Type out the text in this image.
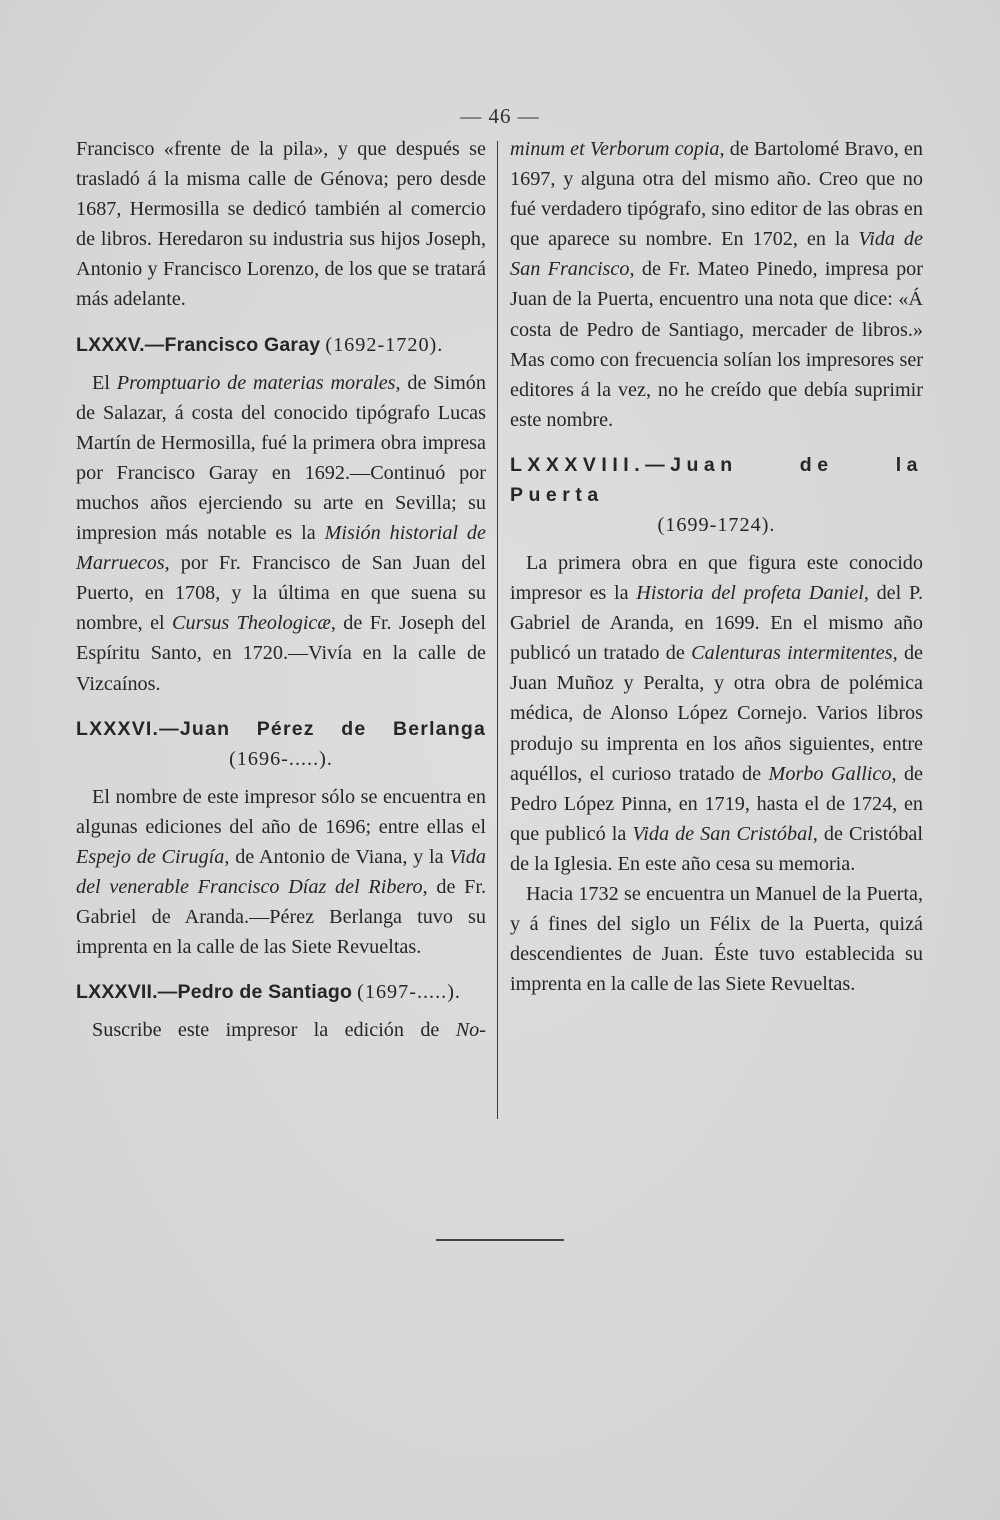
— 46 —

Francisco «frente de la pila», y que después se trasladó á la misma calle de Génova; pero desde 1687, Hermosilla se dedicó también al comercio de libros. Heredaron su industria sus hijos Joseph, Antonio y Francisco Lorenzo, de los que se tratará más adelante.

LXXXV.—Francisco Garay (1692-1720).

El Promptuario de materias morales, de Simón de Salazar, á costa del conocido tipógrafo Lucas Martín de Hermosilla, fué la primera obra impresa por Francisco Garay en 1692.—Continuó por muchos años ejerciendo su arte en Sevilla; su impresion más notable es la Misión historial de Marruecos, por Fr. Francisco de San Juan del Puerto, en 1708, y la última en que suena su nombre, el Cursus Theologicæ, de Fr. Joseph del Espíritu Santo, en 1720.—Vivía en la calle de Vizcaínos.

LXXXVI.—Juan Pérez de Berlanga
(1696-.....).

El nombre de este impresor sólo se encuentra en algunas ediciones del año de 1696; entre ellas el Espejo de Cirugía, de Antonio de Viana, y la Vida del venerable Francisco Díaz del Ribero, de Fr. Gabriel de Aranda.—Pérez Berlanga tuvo su imprenta en la calle de las Siete Revueltas.

LXXXVII.—Pedro de Santiago (1697-.....).

Suscribe este impresor la edición de No-

minum et Verborum copia, de Bartolomé Bravo, en 1697, y alguna otra del mismo año. Creo que no fué verdadero tipógrafo, sino editor de las obras en que aparece su nombre. En 1702, en la Vida de San Francisco, de Fr. Mateo Pinedo, impresa por Juan de la Puerta, encuentro una nota que dice: «Á costa de Pedro de Santiago, mercader de libros.» Mas como con frecuencia solían los impresores ser editores á la vez, no he creído que debía suprimir este nombre.

LXXXVIII.—Juan de la Puerta
(1699-1724).

La primera obra en que figura este conocido impresor es la Historia del profeta Daniel, del P. Gabriel de Aranda, en 1699. En el mismo año publicó un tratado de Calenturas intermitentes, de Juan Muñoz y Peralta, y otra obra de polémica médica, de Alonso López Cornejo. Varios libros produjo su imprenta en los años siguientes, entre aquéllos, el curioso tratado de Morbo Gallico, de Pedro López Pinna, en 1719, hasta el de 1724, en que publicó la Vida de San Cristóbal, de Cristóbal de la Iglesia. En este año cesa su memoria.

Hacia 1732 se encuentra un Manuel de la Puerta, y á fines del siglo un Félix de la Puerta, quizá descendientes de Juan. Éste tuvo establecida su imprenta en la calle de las Siete Revueltas.
